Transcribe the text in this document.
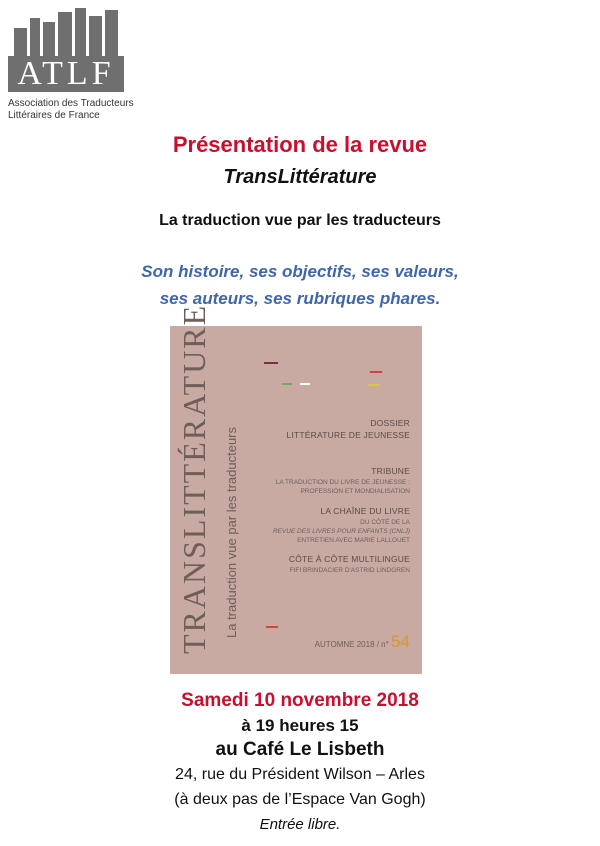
ATLF
Association des Traducteurs
Littéraires de France
Présentation de la revue
TransLittérature
La traduction vue par les traducteurs
Son histoire, ses objectifs, ses valeurs,
ses auteurs, ses rubriques phares.
TRANSLITTÉRATURE La traduction vue par les traducteurs
DOSSIER
LITTÉRATURE DE JEUNESSE
TRIBUNE
LA TRADUCTION DU LIVRE DE JEUNESSE :
PROFESSION ET MONDIALISATION
LA CHAÎNE DU LIVRE
DU CÔTÉ DE LA
REVUE DES LIVRES POUR ENFANTS (CNLJ)
ENTRETIEN AVEC MARIE LALLOUET
CÔTE À CÔTE MULTILINGUE
FIFI BRINDACIER D'ASTRID LINDGREN
AUTOMNE 2018 / n° 54
Samedi 10 novembre 2018
à 19 heures 15
au Café Le Lisbeth
24, rue du Président Wilson – Arles
(à deux pas de l’Espace Van Gogh)
Entrée libre.
